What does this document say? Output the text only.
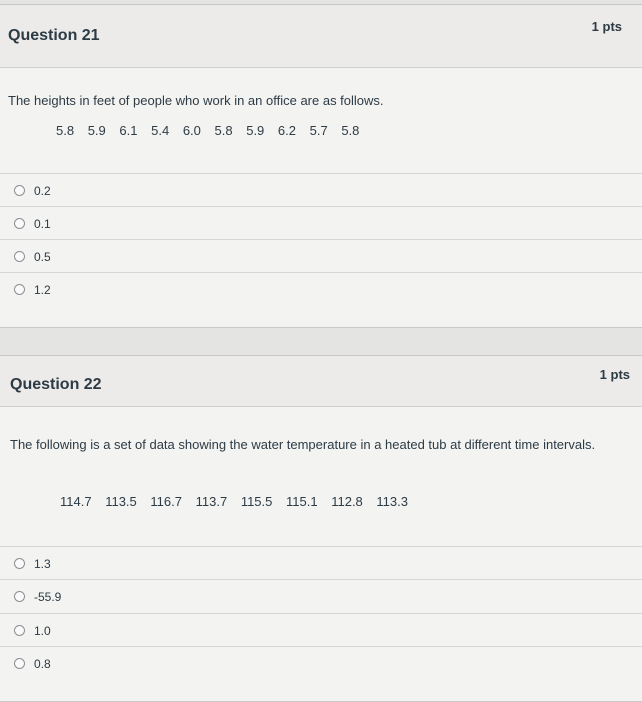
Question 21
1 pts
The heights in feet of people who work in an office are as follows.
5.8 5.9 6.1 5.4 6.0 5.8 5.9 6.2 5.7 5.8
0.2
0.1
0.5
1.2
Question 22
1 pts
The following is a set of data showing the water temperature in a heated tub at different time intervals.
114.7 113.5 116.7 113.7 115.5 115.1 112.8 113.3
1.3
-55.9
1.0
0.8
